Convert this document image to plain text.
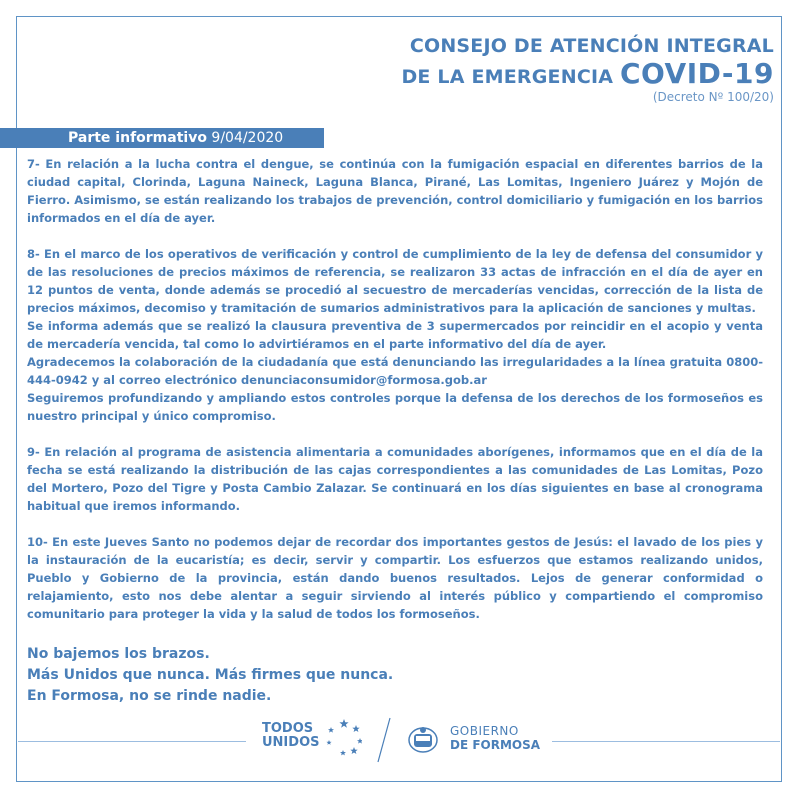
CONSEJO DE ATENCIÓN INTEGRAL
DE LA EMERGENCIA COVID-19
(Decreto Nº 100/20)
Parte informativo 9/04/2020

7- En relación a la lucha contra el dengue, se continúa con la fumigación espacial en diferentes barrios de la ciudad capital, Clorinda, Laguna Naineck, Laguna Blanca, Pirané, Las Lomitas, Ingeniero Juárez y Mojón de Fierro. Asimismo, se están realizando los trabajos de prevención, control domiciliario y fumigación en los barrios informados en el día de ayer.

8- En el marco de los operativos de verificación y control de cumplimiento de la ley de defensa del consumidor y de las resoluciones de precios máximos de referencia, se realizaron 33 actas de infracción en el día de ayer en 12 puntos de venta, donde además se procedió al secuestro de mercaderías vencidas, corrección de la lista de precios máximos, decomiso y tramitación de sumarios administrativos para la aplicación de sanciones y multas.

Se informa además que se realizó la clausura preventiva de 3 supermercados por reincidir en el acopio y venta de mercadería vencida, tal como lo advirtiéramos en el parte informativo del día de ayer.

Agradecemos la colaboración de la ciudadanía que está denunciando las irregularidades a la línea gratuita 0800-444-0942 y al correo electrónico denunciaconsumidor@formosa.gob.ar

Seguiremos profundizando y ampliando estos controles porque la defensa de los derechos de los formoseños es nuestro principal y único compromiso.

9- En relación al programa de asistencia alimentaria a comunidades aborígenes, informamos que en el día de la fecha se está realizando la distribución de las cajas correspondientes a las comunidades de Las Lomitas, Pozo del Mortero, Pozo del Tigre y Posta Cambio Zalazar. Se continuará en los días siguientes en base al cronograma habitual que iremos informando.

10- En este Jueves Santo no podemos dejar de recordar dos importantes gestos de Jesús: el lavado de los pies y la instauración de la eucaristía; es decir, servir y compartir. Los esfuerzos que estamos realizando unidos, Pueblo y Gobierno de la provincia, están dando buenos resultados. Lejos de generar conformidad o relajamiento, esto nos debe alentar a seguir sirviendo al interés público y compartiendo el compromiso comunitario para proteger la vida y la salud de todos los formoseños.

No bajemos los brazos.
Más Unidos que nunca. Más firmes que nunca.
En Formosa, no se rinde nadie.
TODOS
UNIDOS
GOBIERNO
DE FORMOSA
